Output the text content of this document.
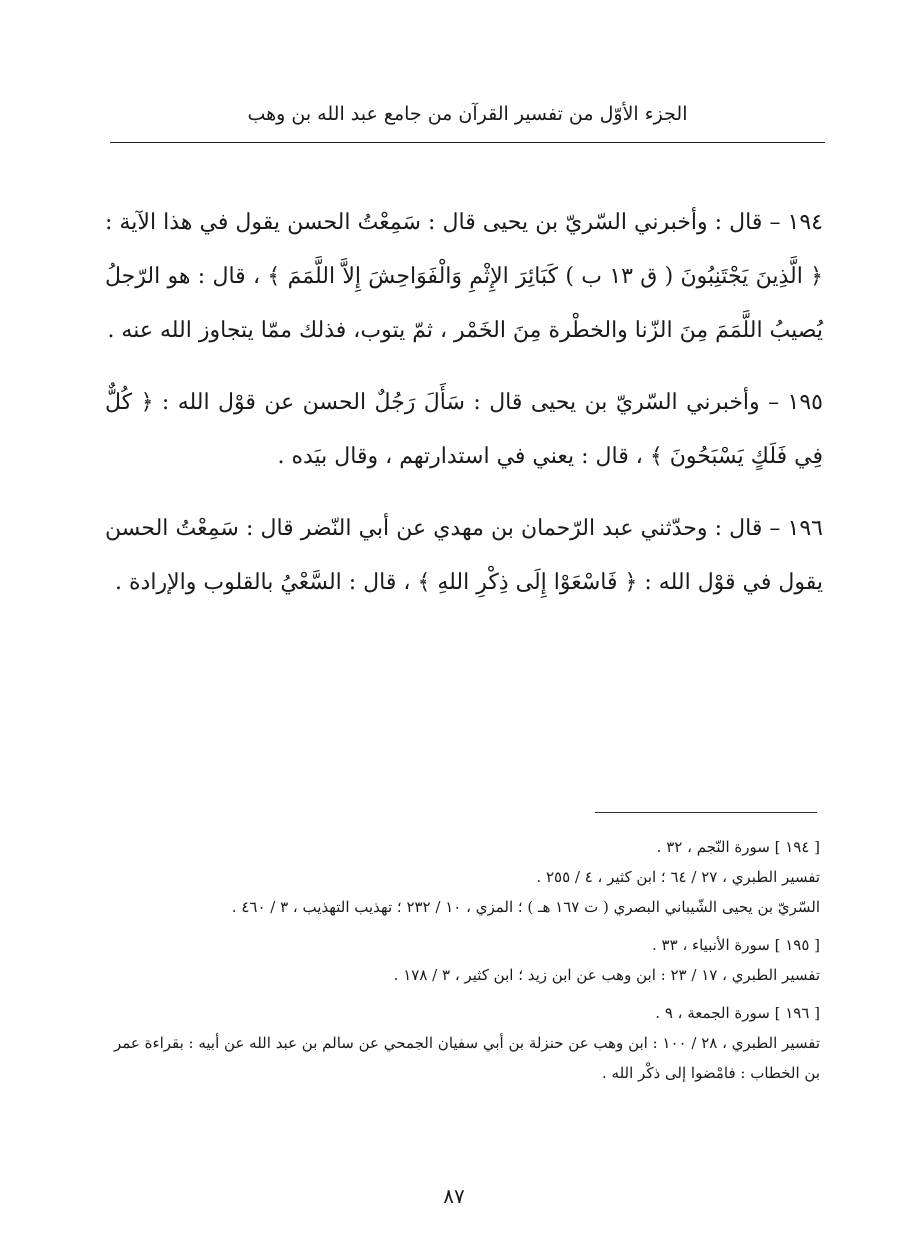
الجزء الأوّل من تفسير القرآن من جامع عبد الله بن وهب

١٩٤ – قال : وأخبرني السّريّ بن يحيى قال : سَمِعْتُ الحسن يقول في هذا الآية : ﴿ الَّذِينَ يَجْتَنِبُونَ ( ق ١٣ ب ) كَبَائِرَ الإِثْمِ وَالْفَوَاحِشَ إِلاَّ اللَّمَمَ ﴾ ، قال : هو الرّجلُ يُصيبُ اللَّمَمَ مِنَ الزّنا والخطْرة مِنَ الخَمْر ، ثمّ يتوب، فذلك ممّا يتجاوز الله عنه .

١٩٥ – وأخبرني السّريّ بن يحيى قال : سَأَلَ رَجُلٌ الحسن عن قوْل الله : ﴿ كُلٌّ فِي فَلَكٍ يَسْبَحُونَ ﴾ ، قال : يعني في استدارتهم ، وقال بيَده .

١٩٦ – قال : وحدّثني عبد الرّحمان بن مهدي عن أبي النّضر قال : سَمِعْتُ الحسن يقول في قوْل الله : ﴿ فَاسْعَوْا إِلَى ذِكْرِ اللهِ ﴾ ، قال : السَّعْيُ بالقلوب والإرادة .

[ ١٩٤ ] سورة النّجم ، ٣٢ .

تفسير الطبري ، ٢٧ / ٦٤ ؛ ابن كثير ، ٤ / ٢٥٥ .

السّريّ بن يحيى الشّيباني البصري ( ت ١٦٧ هـ ) ؛ المزي ، ١٠ / ٢٣٢ ؛ تهذيب التهذيب ، ٣ / ٤٦٠ .

[ ١٩٥ ] سورة الأنبياء ، ٣٣ .

تفسير الطبري ، ١٧ / ٢٣ : ابن وهب عن ابن زيد ؛ ابن كثير ، ٣ / ١٧٨ .

[ ١٩٦ ] سورة الجمعة ، ٩ .

تفسير الطبري ، ٢٨ / ١٠٠ : ابن وهب عن حنزلة بن أبي سفيان الجمحي عن سالم بن عبد الله عن أبيه : بقراءة عمر بن الخطاب : فامْضوا إلى ذكْر الله .

٨٧
